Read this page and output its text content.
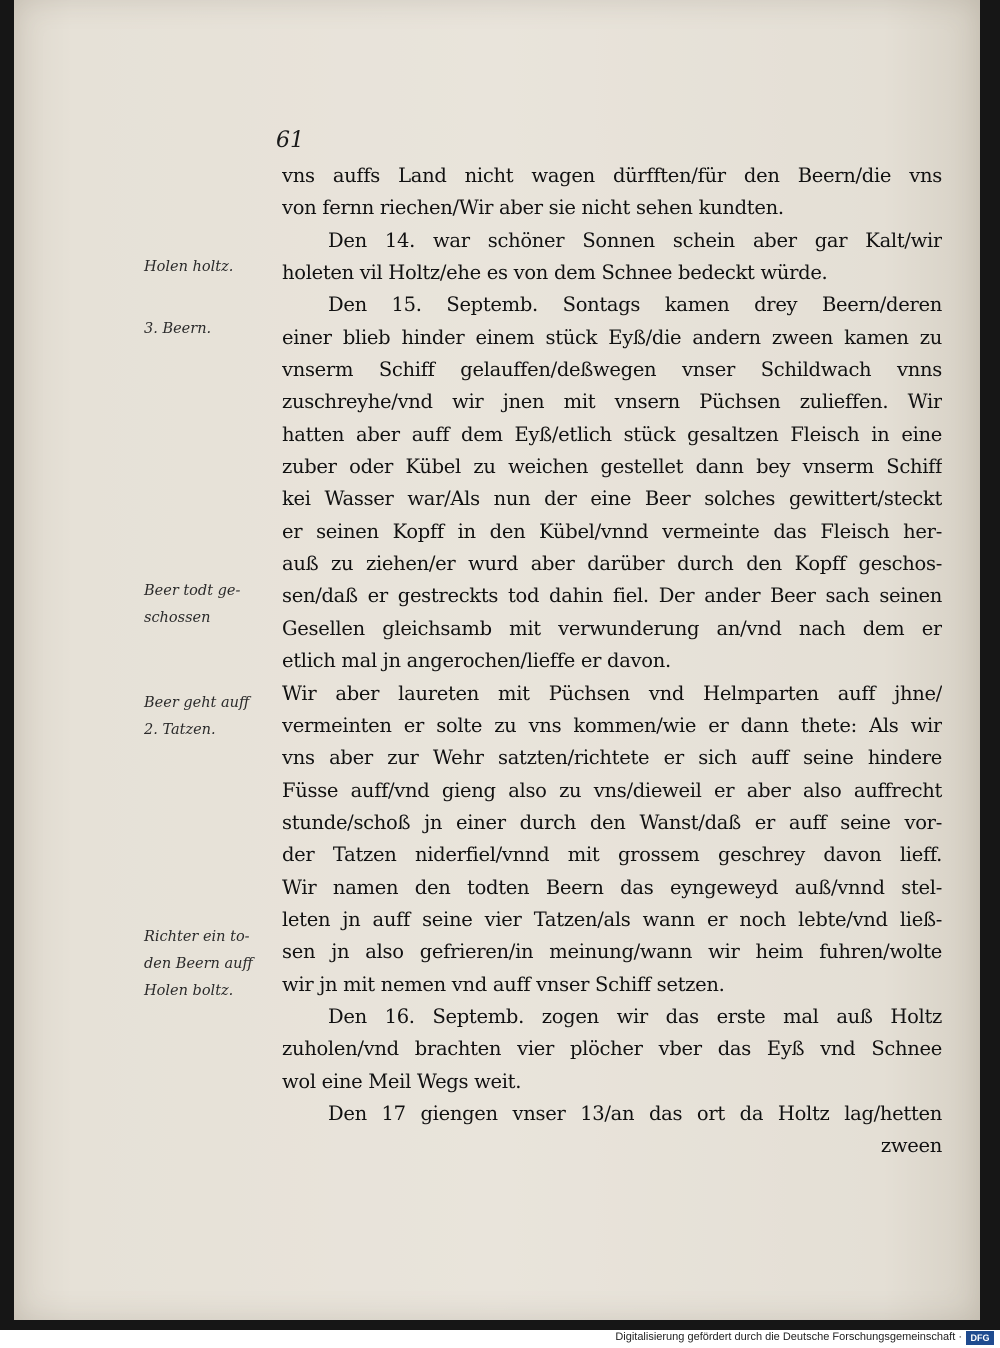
61
vns auffs Land nicht wagen dürfften/für den Beern/die vns
von fernn riechen/Wir aber sie nicht sehen kundten.
Den 14. war schöner Sonnen schein aber gar Kalt/wir
holeten vil Holtz/ehe es von dem Schnee bedeckt würde.
Den 15. Septemb. Sontags kamen drey Beern/deren
einer blieb hinder einem stück Eyß/die andern zween kamen zu
vnserm Schiff gelauffen/deßwegen vnser Schildwach vnns
zuschreyhe/vnd wir jnen mit vnsern Püchsen zulieffen. Wir
hatten aber auff dem Eyß/etlich stück gesaltzen Fleisch in eine
zuber oder Kübel zu weichen gestellet dann bey vnserm Schiff
kei Wasser war/Als nun der eine Beer solches gewittert/steckt
er seinen Kopff in den Kübel/vnnd vermeinte das Fleisch her-
auß zu ziehen/er wurd aber darüber durch den Kopff geschos-
sen/daß er gestreckts tod dahin fiel. Der ander Beer sach seinen
Gesellen gleichsamb mit verwunderung an/vnd nach dem er
etlich mal jn angerochen/lieffe er davon.
Wir aber laureten mit Püchsen vnd Helmparten auff jhne/
vermeinten er solte zu vns kommen/wie er dann thete: Als wir
vns aber zur Wehr satzten/richtete er sich auff seine hindere
Füsse auff/vnd gieng also zu vns/dieweil er aber also auffrecht
stunde/schoß jn einer durch den Wanst/daß er auff seine vor-
der Tatzen niderfiel/vnnd mit grossem geschrey davon lieff.
Wir namen den todten Beern das eyngeweyd auß/vnnd stel-
leten jn auff seine vier Tatzen/als wann er noch lebte/vnd ließ-
sen jn also gefrieren/in meinung/wann wir heim fuhren/wolte
wir jn mit nemen vnd auff vnser Schiff setzen.
Den 16. Septemb. zogen wir das erste mal auß Holtz
zuholen/vnd brachten vier plöcher vber das Eyß vnd Schnee
wol eine Meil Wegs weit.
Den 17 giengen vnser 13/an das ort da Holtz lag/hetten
zween
Holen holtz.
3. Beern.
Beer todt ge-
schossen
Beer geht auff
2. Tatzen.
Richter ein to-
den Beern auff
Holen boltz.
Digitalisierung gefördert durch die Deutsche Forschungsgemeinschaft · DFG
